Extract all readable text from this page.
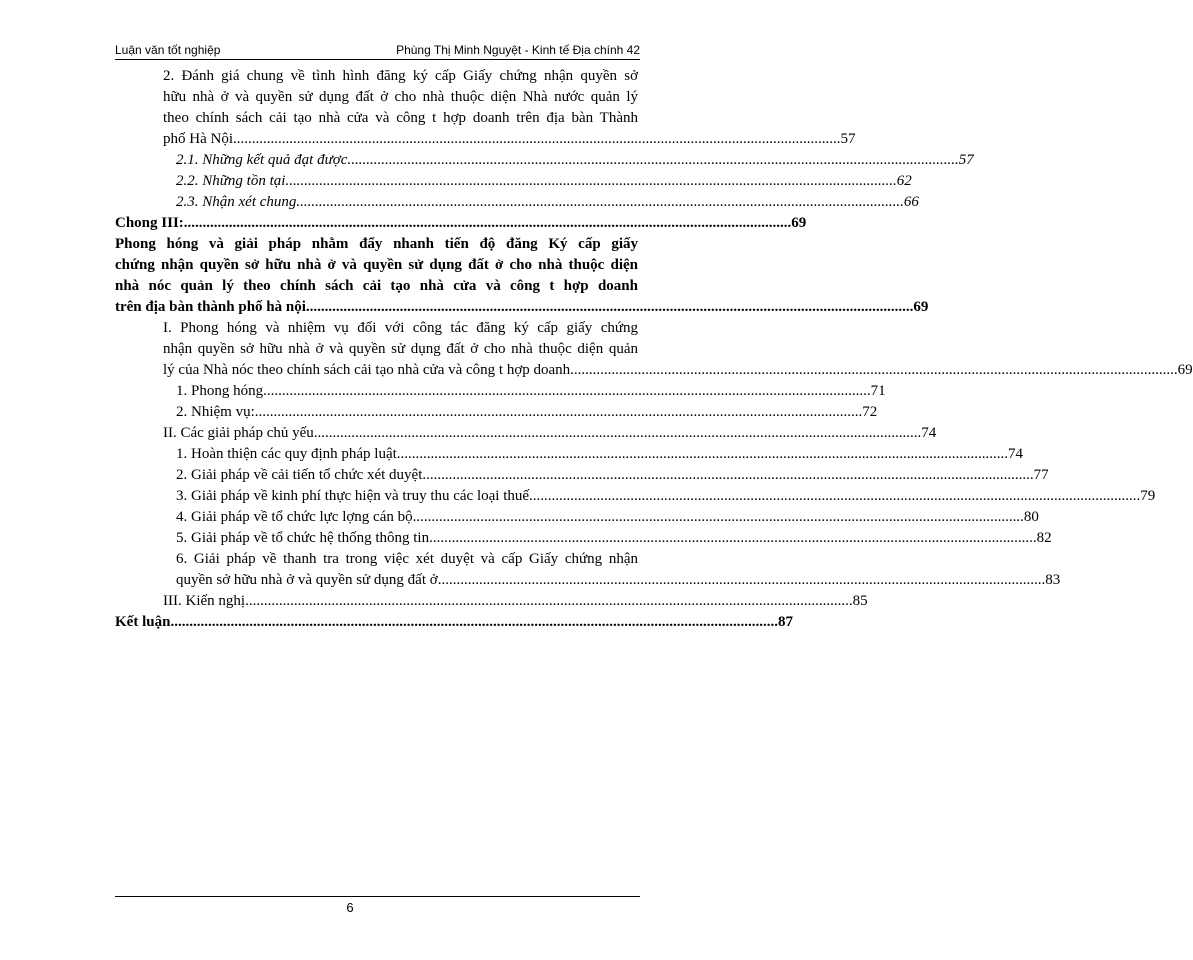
Luận văn tốt nghiệp	Phùng Thị Minh Nguyệt - Kinh tế Địa chính 42
2. Đánh giá chung về tình hình đăng ký cấp Giấy chứng nhận quyền sở
hữu nhà ở và quyền sử dụng đất ở cho nhà thuộc diện Nhà nước quản lý
theo chính sách cải tạo nhà cửa và công t hợp doanh trên địa bàn Thành
phố Hà Nội .................................................................................................................................................................. 57
2.1. Những kết quả đạt được. .................................................................................................................................................................. 57
2.2. Những tồn tại. .................................................................................................................................................................. 62
2.3. Nhận xét chung .................................................................................................................................................................. 66
Chong III: .................................................................................................................................................................. 69
Phong hóng và giải pháp nhằm đẩy nhanh tiến độ đăng Ký cấp giấy
chứng nhận quyền sở hữu nhà ở và quyền sử dụng đất ở cho nhà thuộc diện
nhà nóc quản lý theo chính sách cải tạo nhà cửa và công t hợp doanh
trên địa bàn thành phố hà nội .................................................................................................................................................................. 69
I. Phong hóng và nhiệm vụ đối với công tác đăng ký cấp giấy chứng
nhận quyền sở hữu nhà ở và quyền sử dụng đất ở cho nhà thuộc diện quản
lý của Nhà nóc theo chính sách cải tạo nhà cửa và công t hợp doanh .................................................................................................................................................................. 69
1. Phong hóng .................................................................................................................................................................. 71
2. Nhiệm vụ: .................................................................................................................................................................. 72
II. Các giải pháp chủ yếu .................................................................................................................................................................. 74
1. Hoàn thiện các quy định pháp luật. .................................................................................................................................................................. 74
2. Giải pháp về cải tiến tổ chức xét duyệt. .................................................................................................................................................................. 77
3. Giải pháp về kinh phí thực hiện và truy thu các loại thuế. .................................................................................................................................................................. 79
4. Giải pháp về tổ chức lực lợng cán bộ. .................................................................................................................................................................. 80
5. Giải pháp về tổ chức hệ thống thông tin .................................................................................................................................................................. 82
6. Giải pháp về thanh tra trong việc xét duyệt và cấp Giấy chứng nhận
quyền sở hữu nhà ở và quyền sử dụng đất ở .................................................................................................................................................................. 83
III. Kiến nghị .................................................................................................................................................................. 85
Kết luận .................................................................................................................................................................. 87
6
